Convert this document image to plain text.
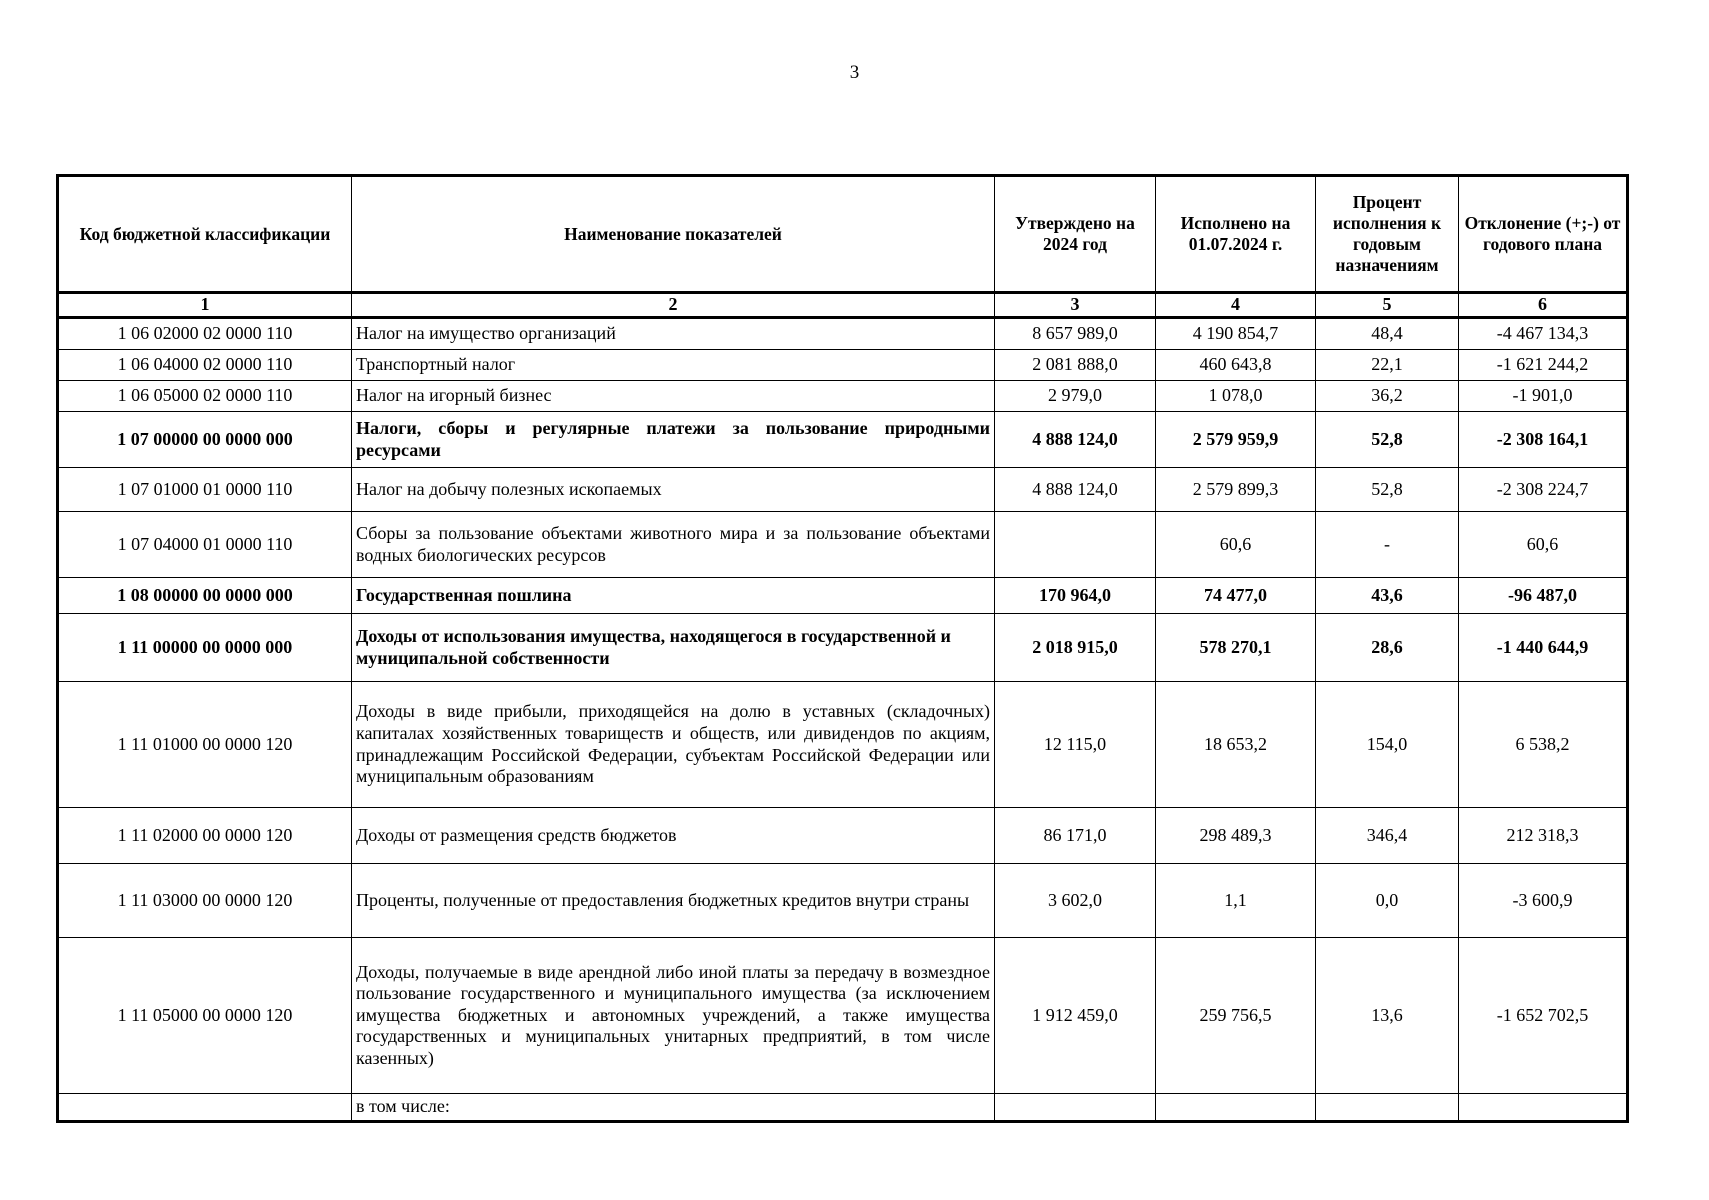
3
Код бюджетной классификации	Наименование показателей	Утверждено на 2024 год	Исполнено на 01.07.2024 г.	Процент исполнения к годовым назначениям	Отклонение (+;-) от годового плана
1	2	3	4	5	6
1 06 02000 02 0000 110	Налог на имущество организаций	8 657 989,0	4 190 854,7	48,4	-4 467 134,3
1 06 04000 02 0000 110	Транспортный налог	2 081 888,0	460 643,8	22,1	-1 621 244,2
1 06 05000 02 0000 110	Налог на игорный бизнес	2 979,0	1 078,0	36,2	-1 901,0
1 07 00000 00 0000 000	Налоги, сборы и регулярные платежи за пользование природными ресурсами	4 888 124,0	2 579 959,9	52,8	-2 308 164,1
1 07 01000 01 0000 110	Налог на добычу полезных ископаемых	4 888 124,0	2 579 899,3	52,8	-2 308 224,7
1 07 04000 01 0000 110	Сборы за пользование объектами животного мира и за пользование объектами водных биологических ресурсов		60,6	-	60,6
1 08 00000 00 0000 000	Государственная пошлина	170 964,0	74 477,0	43,6	-96 487,0
1 11 00000 00 0000 000	Доходы от использования имущества, находящегося в государственной и муниципальной собственности	2 018 915,0	578 270,1	28,6	-1 440 644,9
1 11 01000 00 0000 120	Доходы в виде прибыли, приходящейся на долю в уставных (складочных) капиталах хозяйственных товариществ и обществ, или дивидендов по акциям, принадлежащим Российской Федерации, субъектам Российской Федерации или муниципальным образованиям	12 115,0	18 653,2	154,0	6 538,2
1 11 02000 00 0000 120	Доходы от размещения средств бюджетов	86 171,0	298 489,3	346,4	212 318,3
1 11 03000 00 0000 120	Проценты, полученные от предоставления бюджетных кредитов внутри страны	3 602,0	1,1	0,0	-3 600,9
1 11 05000 00 0000 120	Доходы, получаемые в виде арендной либо иной платы за передачу в возмездное пользование государственного и муниципального имущества (за исключением имущества бюджетных и автономных учреждений, а также имущества государственных и муниципальных унитарных предприятий, в том числе казенных)	1 912 459,0	259 756,5	13,6	-1 652 702,5
	в том числе:				
